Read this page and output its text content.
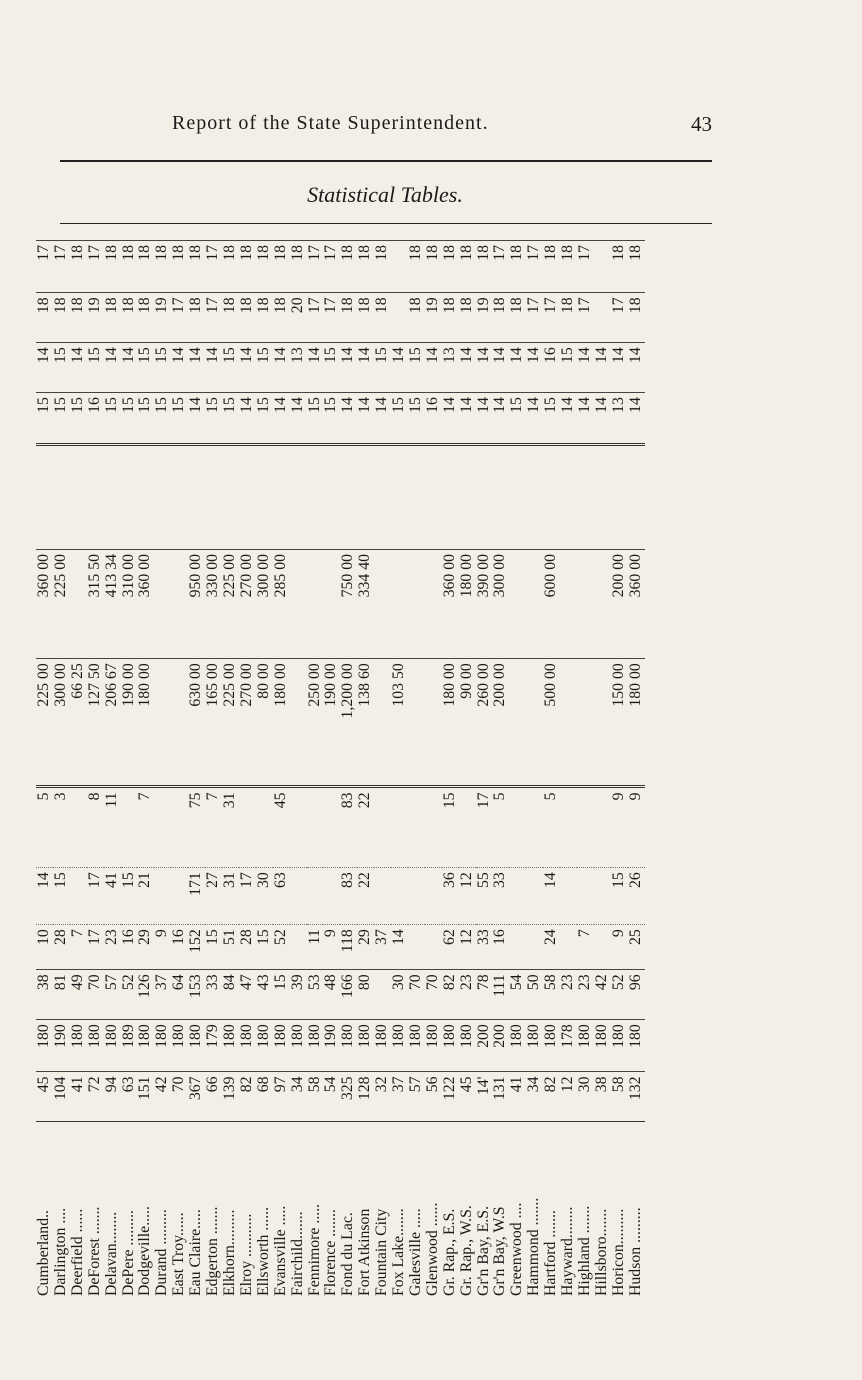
Report of the State Superintendent.	43
Statistical Tables.
Cumberland..	45	180	38	10	14	5	225 00	360 00		15	14	18	17
Darlington ....	104	190	81	28	15	3	300 00	225 00		15	15	18	17
Deerfield ......	41	180	49	7			66 25			15	14	18	18
DeForest .......	72	180	70	17	17	8	127 50	315 50		16	15	19	17
Delavan........	94	180	57	23	41	11	206 67	413 34		15	14	18	18
DePere .........	63	189	52	16	15		190 00	310 00		15	14	18	18
Dodgeville.....	151	180	126	29	21	7	180 00	360 00		15	15	18	18
Durand .........	42	180	37	9						15	15	19	18
East Troy......	70	180	64	16						15	14	17	18
Eau Claire.....	367	180	153	152	171	75	630 00	950 00		14	14	18	18
Edgerton .......	66	179	33	15	27	7	165 00	330 00		15	14	17	17
Elkhorn.........	139	180	84	51	31	31	225 00	225 00		15	15	18	18
Elroy ...........	82	180	47	28	17		270 00	270 00		14	14	18	18
Ellsworth ......	68	180	43	15	30		80 00	300 00		15	15	18	18
Evansville .....	97	180	15	52	63	45	180 00	285 00		14	14	18	18
Fairchild.......	34	180	39							14	13	20	18
Fennimore .....	58	180	53	11			250 00			15	14	17	17
Florence .......	54	190	48	9			190 00			15	15	17	17
Fond du Lac.	325	180	166	118	83	83	1,200 00	750 00		14	14	18	18
Fort Atkinson	128	180	80	29	22	22	138 60	334 40		14	14	18	18
Fountain City	32	180		37						14	15	18	18
Fox Lake.......	37	180	30	14			103 50			15	14		
Galesville .....	57	180	70							15	15	18	18
Glenwood ......	56	180	70							16	14	19	18
Gr. Rap., E.S.	122	180	82	62	36	15	180 00	360 00		14	13	18	18
Gr. Rap., W.S.	45	180	23	12	12		90 00	180 00		14	14	18	18
Gr'n Bay, E.S.	14'	200	78	33	55	17	260 00	390 00		14	14	19	18
Gr'n Bay, W.S	131	200	111	16	33	5	200 00	300 00		14	14	18	17
Greenwood ....	41	180	54							15	14	18	18
Hammond .......	34	180	50							14	14	17	17
Hartford .......	82	180	58	24	14	5	500 00	600 00		15	16	17	18
Hayward........	12	178	23							14	15	18	18
Highland .......	30	180	23	7						14	14	17	17
Hillsboro.......	38	180	42							14	14		
Horicon.........	58	180	52	9	15	9	150 00	200 00		13	14	17	18
Hudson .........	132	180	96	25	26	9	180 00	360 00		14	14	18	18
